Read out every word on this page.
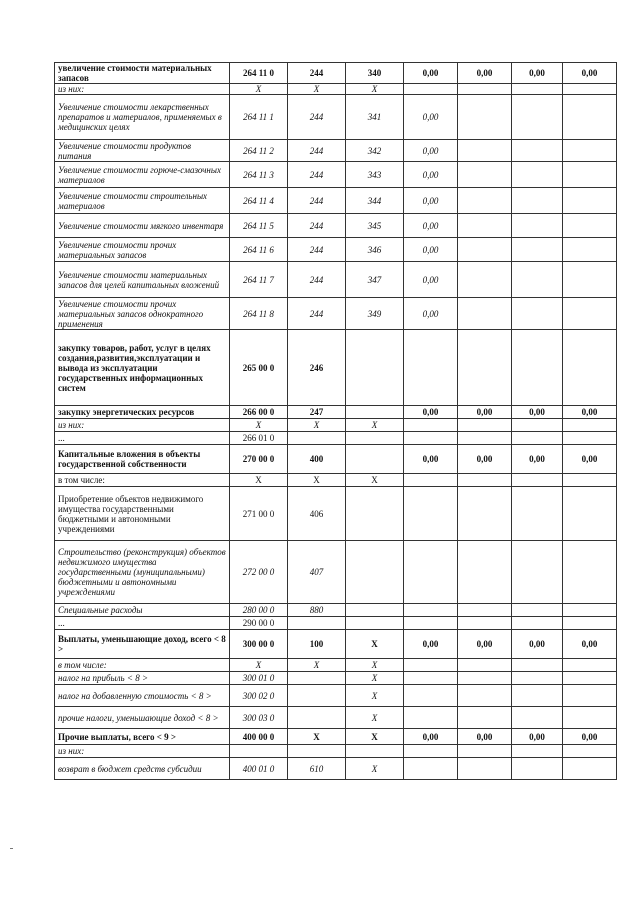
увеличение стоимости материальных запасов	264 11 0	244	340	0,00	0,00	0,00	0,00
из них:	X	X	X				
Увеличение стоимости лекарственных препаратов и материалов, применяемых в медицинских целях	264 11 1	244	341	0,00			
Увеличение стоимости продуктов питания	264 11 2	244	342	0,00			
Увеличение стоимости горюче-смазочных материалов	264 11 3	244	343	0,00			
Увеличение стоимости строительных материалов	264 11 4	244	344	0,00			
Увеличение стоимости мягкого инвентаря	264 11 5	244	345	0,00			
Увеличение стоимости прочих материальных запасов	264 11 6	244	346	0,00			
Увеличение стоимости материальных запасов для целей капитальных вложений	264 11 7	244	347	0,00			
Увеличение стоимости прочих материальных запасов однократного применения	264 11 8	244	349	0,00			
закупку товаров, работ, услуг в целях создания,развития,эксплуатации и вывода из эксплуатации государственных информационных систем	265 00 0	246					
закупку энергетических ресурсов	266 00 0	247		0,00	0,00	0,00	0,00
из них:	X	X	X				
...	266 01 0						
Капитальные вложения в объекты государственной собственности	270 00 0	400		0,00	0,00	0,00	0,00
в том числе:	X	X	X				
Приобретение объектов недвижимого имущества государственными бюджетными и автономными учреждениями	271 00 0	406					
Строительство (реконструкция) объектов недвижимого имущества государственными (муниципальными) бюджетными и автономными учреждениями	272 00 0	407					
Специальные расходы	280 00 0	880					
...	290 00 0						
Выплаты, уменьшающие доход, всего < 8 >	300 00 0	100	X	0,00	0,00	0,00	0,00
в том числе:	X	X	X				
налог на прибыль < 8 >	300 01 0		X				
налог на добавленную стоимость < 8 >	300 02 0		X				
прочие налоги, уменьшающие доход < 8 >	300 03 0		X				
Прочие выплаты, всего < 9 >	400 00 0	X	X	0,00	0,00	0,00	0,00
из них:							
возврат в бюджет средств субсидии	400 01 0	610	X				
